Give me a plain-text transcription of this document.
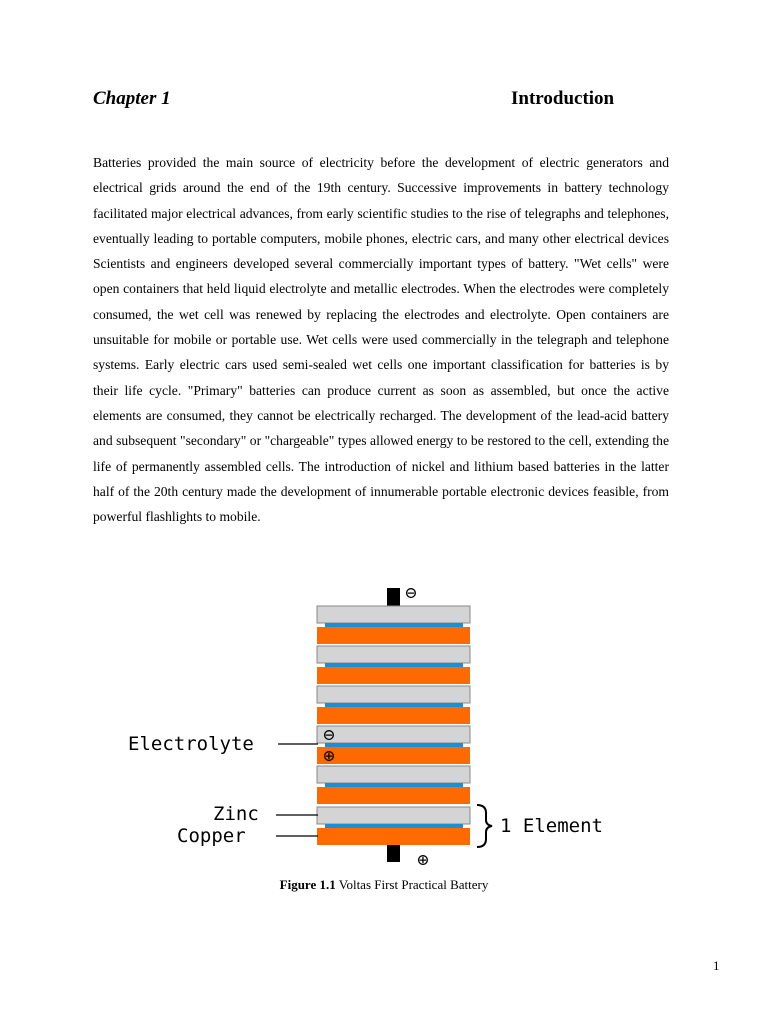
Chapter 1	Introduction

Batteries provided the main source of electricity before the development of electric generators and electrical grids around the end of the 19th century. Successive improvements in battery technology facilitated major electrical advances, from early scientific studies to the rise of telegraphs and telephones, eventually leading to portable computers, mobile phones, electric cars, and many other electrical devices Scientists and engineers developed several commercially important types of battery. "Wet cells" were open containers that held liquid electrolyte and metallic electrodes. When the electrodes were completely consumed, the wet cell was renewed by replacing the electrodes and electrolyte. Open containers are unsuitable for mobile or portable use. Wet cells were used commercially in the telegraph and telephone systems. Early electric cars used semi-sealed wet cells one important classification for batteries is by their life cycle. "Primary" batteries can produce current as soon as assembled, but once the active elements are consumed, they cannot be electrically recharged. The development of the lead-acid battery and subsequent "secondary" or "chargeable" types allowed energy to be restored to the cell, extending the life of permanently assembled cells. The introduction of nickel and lithium based batteries in the latter half of the 20th century made the development of innumerable portable electronic devices feasible, from powerful flashlights to mobile.

⊖
⊕
⊖
⊕
Electrolyte
Zinc
Copper	1 Element
Figure 1.1 Voltas First Practical Battery
1
